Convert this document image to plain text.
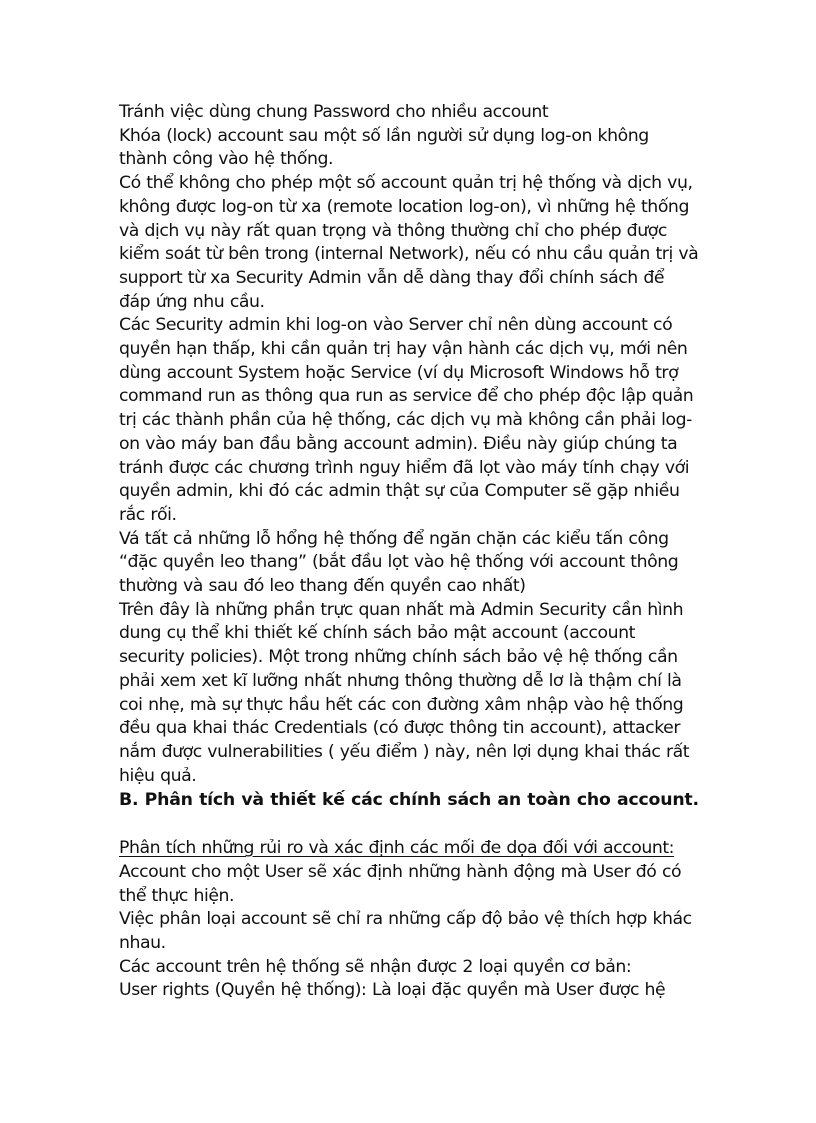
Tránh việc dùng chung Password cho nhiều account

Khóa (lock) account sau một số lần người sử dụng log-on không thành công vào hệ thống.

Có thể không cho phép một số account quản trị hệ thống và dịch vụ, không được log-on từ xa (remote location log-on), vì những hệ thống và dịch vụ này rất quan trọng và thông thường chỉ cho phép được kiểm soát từ bên trong (internal Network), nếu có nhu cầu quản trị và support từ xa Security Admin vẫn dễ dàng thay đổi chính sách để đáp ứng nhu cầu.

Các Security admin khi log-on vào Server chỉ nên dùng account có quyền hạn thấp, khi cần quản trị hay vận hành các dịch vụ, mới nên dùng account System hoặc Service (ví dụ Microsoft Windows hỗ trợ command run as thông qua run as service để cho phép độc lập quản trị các thành phần của hệ thống, các dịch vụ mà không cần phải log-on vào máy ban đầu bằng account admin). Điều này giúp chúng ta tránh được các chương trình nguy hiểm đã lọt vào máy tính chạy với quyền admin, khi đó các admin thật sự của Computer sẽ gặp nhiều rắc rối.

Vá tất cả những lỗ hổng hệ thống để ngăn chặn các kiểu tấn công “đặc quyền leo thang” (bắt đầu lọt vào hệ thống với account thông thường và sau đó leo thang đến quyền cao nhất)

Trên đây là những phần trực quan nhất mà Admin Security cần hình dung cụ thể khi thiết kế chính sách bảo mật account (account security policies). Một trong những chính sách bảo vệ hệ thống cần phải xem xet kĩ lưỡng nhất nhưng thông thường dễ lơ là thậm chí là coi nhẹ, mà sự thực hầu hết các con đường xâm nhập vào hệ thống đều qua khai thác Credentials (có được thông tin account), attacker nắm được vulnerabilities ( yếu điểm ) này, nên lợi dụng khai thác rất hiệu quả.

B. Phân tích và thiết kế các chính sách an toàn cho account.

Phân tích những rủi ro và xác định các mối đe dọa đối với account:

Account cho một User sẽ xác định những hành động mà User đó có thể thực hiện.

Việc phân loại account sẽ chỉ ra những cấp độ bảo vệ thích hợp khác nhau.

Các account trên hệ thống sẽ nhận được 2 loại quyền cơ bản:

User rights (Quyền hệ thống): Là loại đặc quyền mà User được hệ
